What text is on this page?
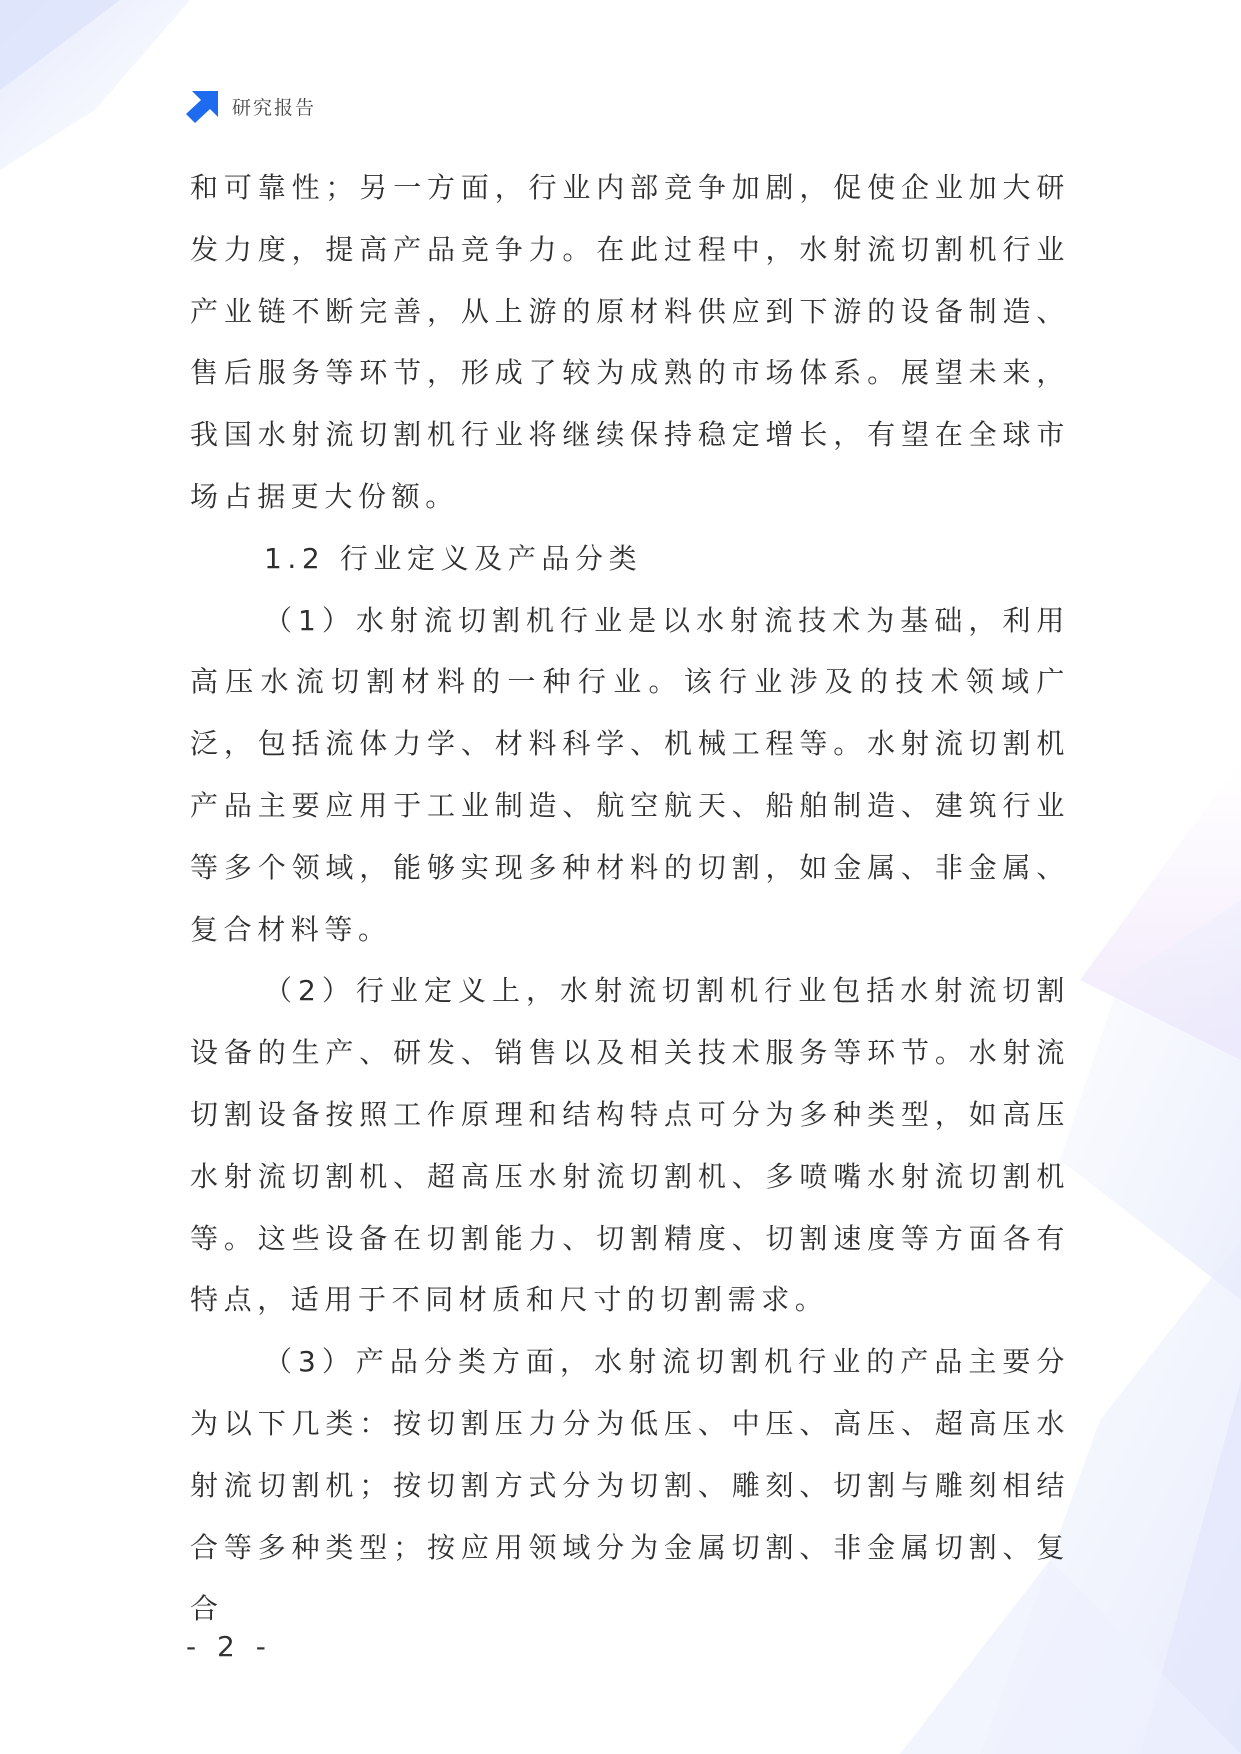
研究报告

和可靠性；另一方面，行业内部竞争加剧，促使企业加大研发力度，提高产品竞争力。在此过程中，水射流切割机行业产业链不断完善，从上游的原材料供应到下游的设备制造、售后服务等环节，形成了较为成熟的市场体系。展望未来，我国水射流切割机行业将继续保持稳定增长，有望在全球市场占据更大份额。

1.2 行业定义及产品分类

（1）水射流切割机行业是以水射流技术为基础，利用高压水流切割材料的一种行业。该行业涉及的技术领域广泛，包括流体力学、材料科学、机械工程等。水射流切割机产品主要应用于工业制造、航空航天、船舶制造、建筑行业等多个领域，能够实现多种材料的切割，如金属、非金属、复合材料等。

（2）行业定义上，水射流切割机行业包括水射流切割设备的生产、研发、销售以及相关技术服务等环节。水射流切割设备按照工作原理和结构特点可分为多种类型，如高压水射流切割机、超高压水射流切割机、多喷嘴水射流切割机等。这些设备在切割能力、切割精度、切割速度等方面各有特点，适用于不同材质和尺寸的切割需求。

（3）产品分类方面，水射流切割机行业的产品主要分为以下几类：按切割压力分为低压、中压、高压、超高压水射流切割机；按切割方式分为切割、雕刻、切割与雕刻相结合等多种类型；按应用领域分为金属切割、非金属切割、复合

- 2 -
